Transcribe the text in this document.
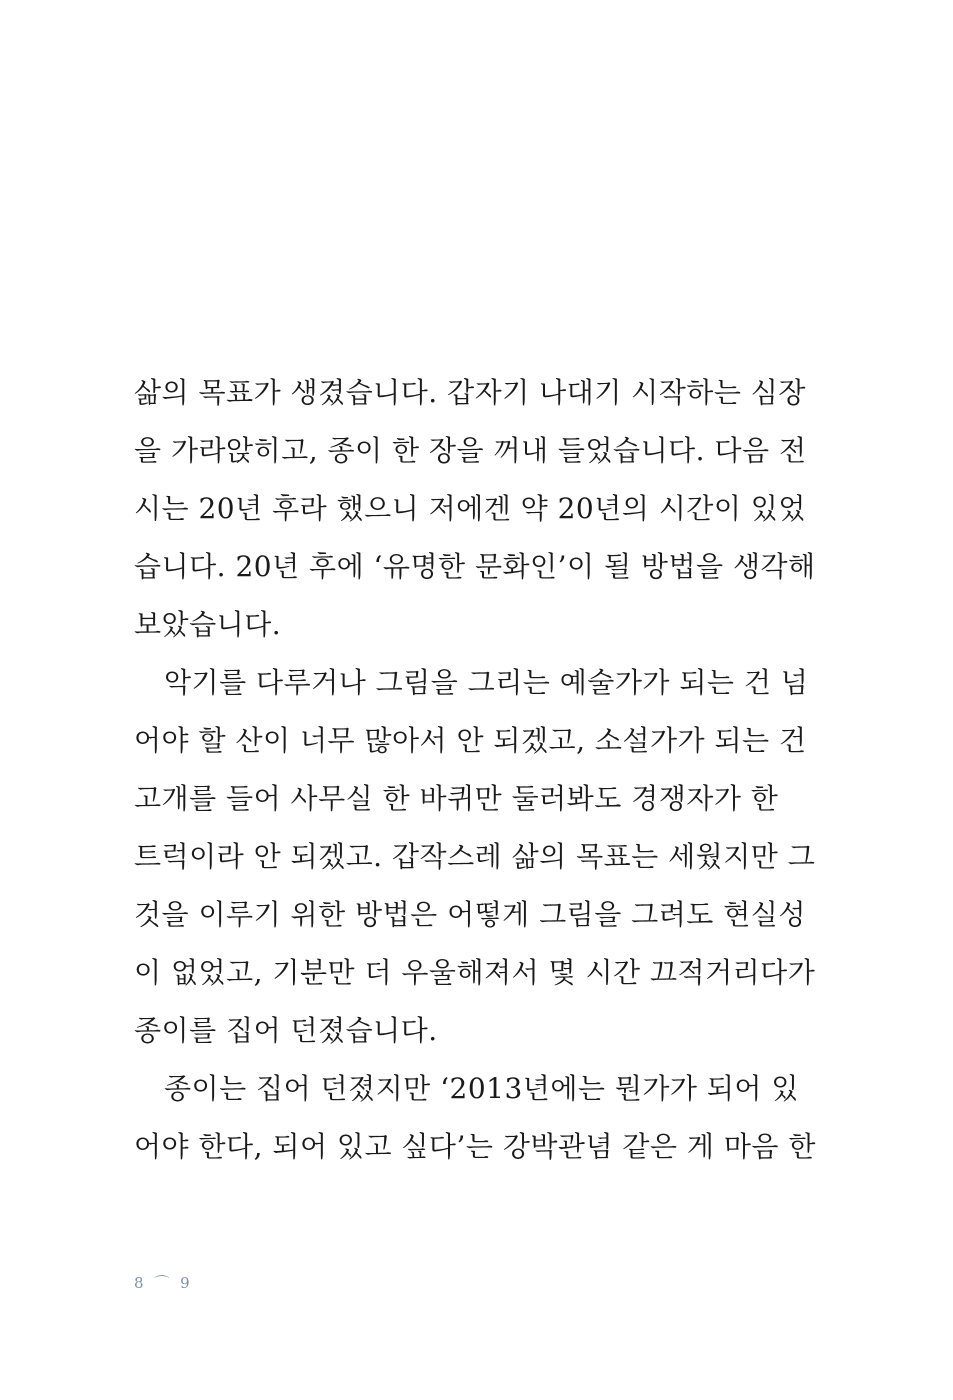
삶의 목표가 생겼습니다. 갑자기 나대기 시작하는 심장
을 가라앉히고, 종이 한 장을 꺼내 들었습니다. 다음 전
시는 20년 후라 했으니 저에겐 약 20년의 시간이 있었
습니다. 20년 후에 ‘유명한 문화인’이 될 방법을 생각해
보았습니다.
악기를 다루거나 그림을 그리는 예술가가 되는 건 넘
어야 할 산이 너무 많아서 안 되겠고, 소설가가 되는 건
고개를 들어 사무실 한 바퀴만 둘러봐도 경쟁자가 한
트럭이라 안 되겠고. 갑작스레 삶의 목표는 세웠지만 그
것을 이루기 위한 방법은 어떻게 그림을 그려도 현실성
이 없었고, 기분만 더 우울해져서 몇 시간 끄적거리다가
종이를 집어 던졌습니다.
종이는 집어 던졌지만 ‘2013년에는 뭔가가 되어 있
어야 한다, 되어 있고 싶다’는 강박관념 같은 게 마음 한
8 ⌒ 9
